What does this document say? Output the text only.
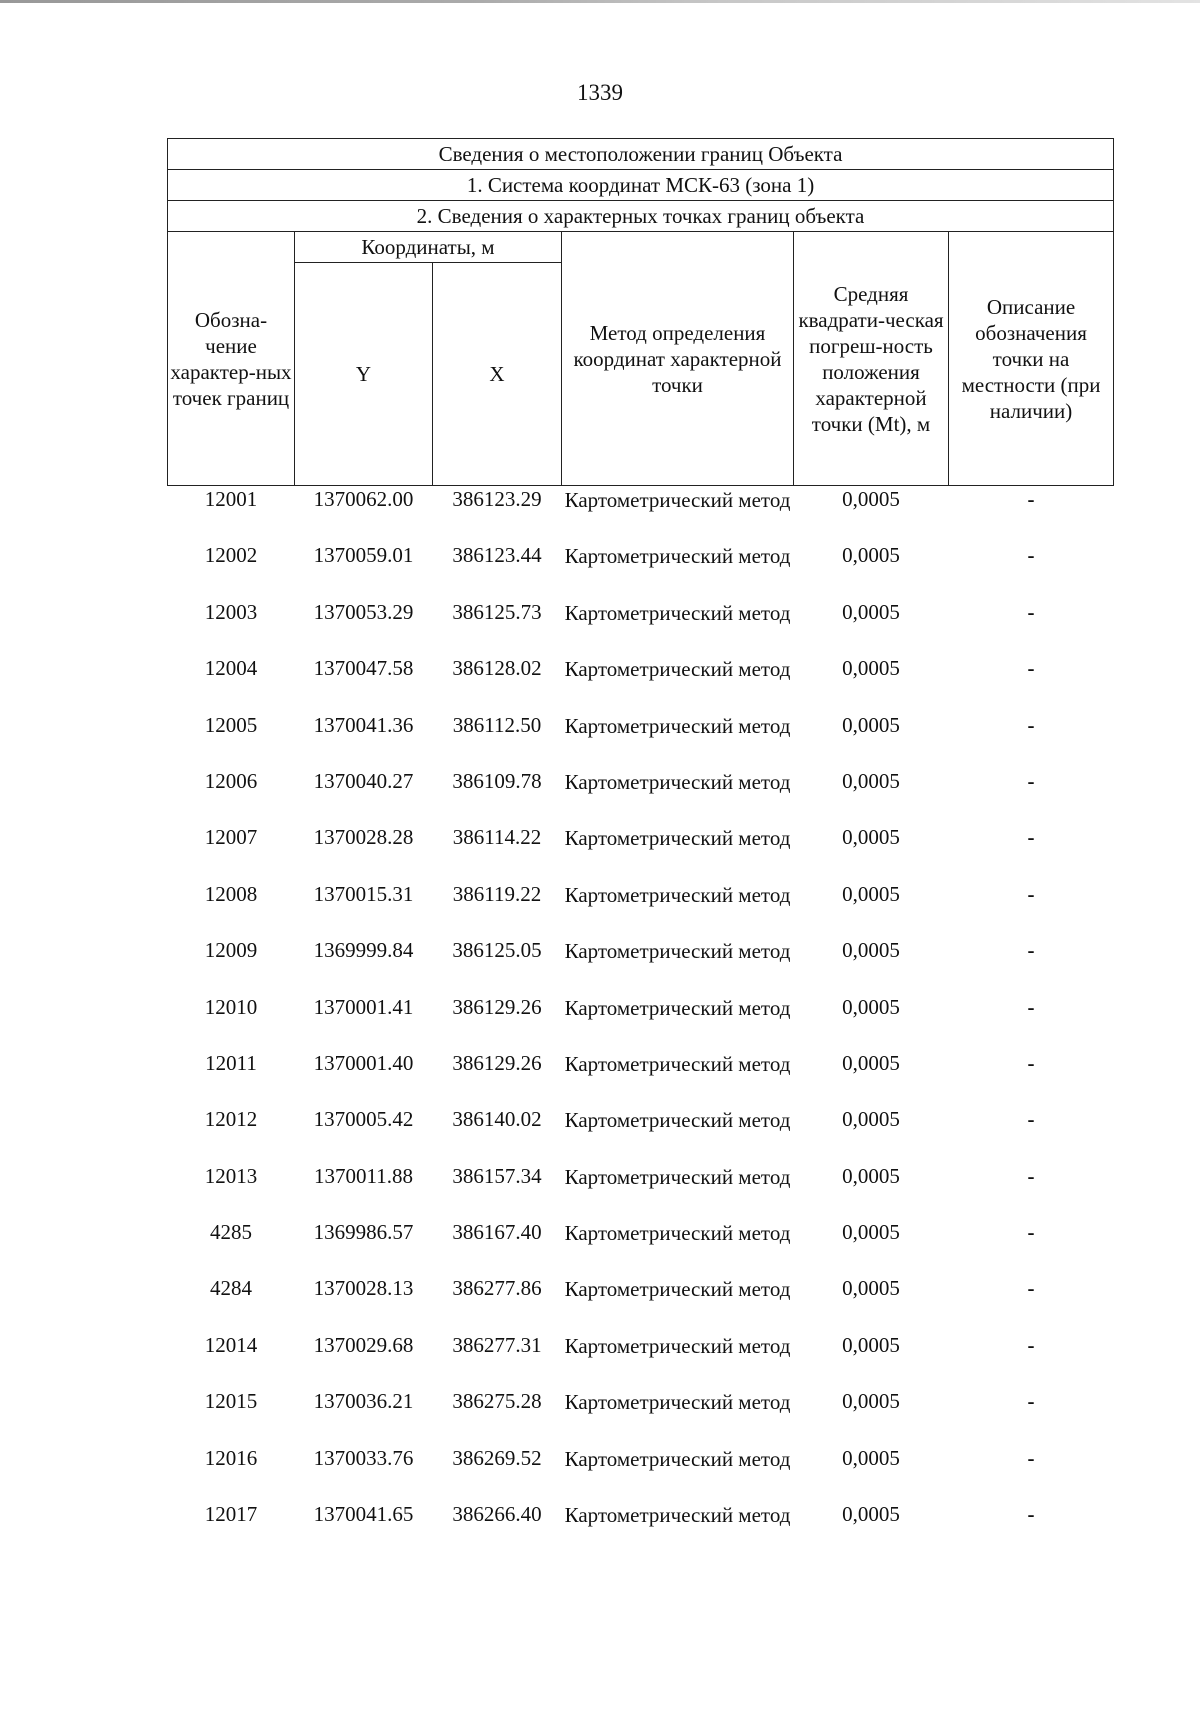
1339
Сведения о местоположении границ Объекта					
1. Система координат МСК-63 (зона 1)					
2. Сведения о характерных точках границ объекта					
Обозна-чение характер-ных точек границ	Координаты, м		Метод определения координат характерной точки	Средняя квадрати-ческая погреш-ность положения характерной точки (Mt), м	Описание обозначения точки на местности (при наличии)
	Y	X			
12001	1370062.00	386123.29	Картометрический метод	0,0005	-
12002	1370059.01	386123.44	Картометрический метод	0,0005	-
12003	1370053.29	386125.73	Картометрический метод	0,0005	-
12004	1370047.58	386128.02	Картометрический метод	0,0005	-
12005	1370041.36	386112.50	Картометрический метод	0,0005	-
12006	1370040.27	386109.78	Картометрический метод	0,0005	-
12007	1370028.28	386114.22	Картометрический метод	0,0005	-
12008	1370015.31	386119.22	Картометрический метод	0,0005	-
12009	1369999.84	386125.05	Картометрический метод	0,0005	-
12010	1370001.41	386129.26	Картометрический метод	0,0005	-
12011	1370001.40	386129.26	Картометрический метод	0,0005	-
12012	1370005.42	386140.02	Картометрический метод	0,0005	-
12013	1370011.88	386157.34	Картометрический метод	0,0005	-
4285	1369986.57	386167.40	Картометрический метод	0,0005	-
4284	1370028.13	386277.86	Картометрический метод	0,0005	-
12014	1370029.68	386277.31	Картометрический метод	0,0005	-
12015	1370036.21	386275.28	Картометрический метод	0,0005	-
12016	1370033.76	386269.52	Картометрический метод	0,0005	-
12017	1370041.65	386266.40	Картометрический метод	0,0005	-
